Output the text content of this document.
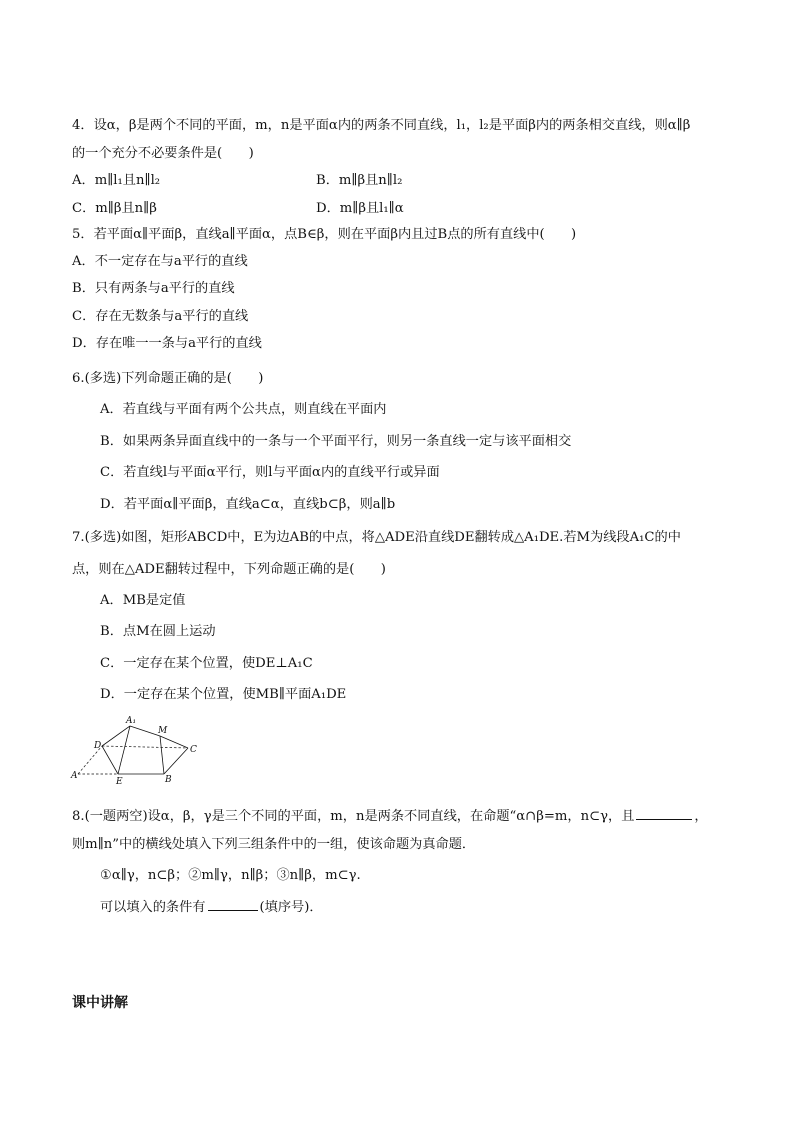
4．设α，β是两个不同的平面，m，n是平面α内的两条不同直线，l₁，l₂是平面β内的两条相交直线，则α∥β
的一个充分不必要条件是(　　)
A．m∥l₁且n∥l₂	B．m∥β且n∥l₂
C．m∥β且n∥β	D．m∥β且l₁∥α
5．若平面α∥平面β，直线a∥平面α，点B∈β，则在平面β内且过B点的所有直线中(　　)
A．不一定存在与a平行的直线
B．只有两条与a平行的直线
C．存在无数条与a平行的直线
D．存在唯一一条与a平行的直线
6.(多选)下列命题正确的是(　　)
A．若直线与平面有两个公共点，则直线在平面内
B．如果两条异面直线中的一条与一个平面平行，则另一条直线一定与该平面相交
C．若直线l与平面α平行，则l与平面α内的直线平行或异面
D．若平面α∥平面β，直线a⊂α，直线b⊂β，则a∥b
7.(多选)如图，矩形ABCD中，E为边AB的中点，将△ADE沿直线DE翻转成△A₁DE.若M为线段A₁C的中
点，则在△ADE翻转过程中，下列命题正确的是(　　)
A．MB是定值
B．点M在圆上运动
C．一定存在某个位置，使DE⊥A₁C
D．一定存在某个位置，使MB∥平面A₁DE
A₁
M
D	C
A
E	B
8.(一题两空)设α，β，γ是三个不同的平面，m，n是两条不同直线，在命题“α∩β=m，n⊂γ，且	，
则m∥n”中的横线处填入下列三组条件中的一组，使该命题为真命题．
①α∥γ，n⊂β；②m∥γ，n∥β；③n∥β，m⊂γ.
可以填入的条件有	(填序号)．
课中讲解
